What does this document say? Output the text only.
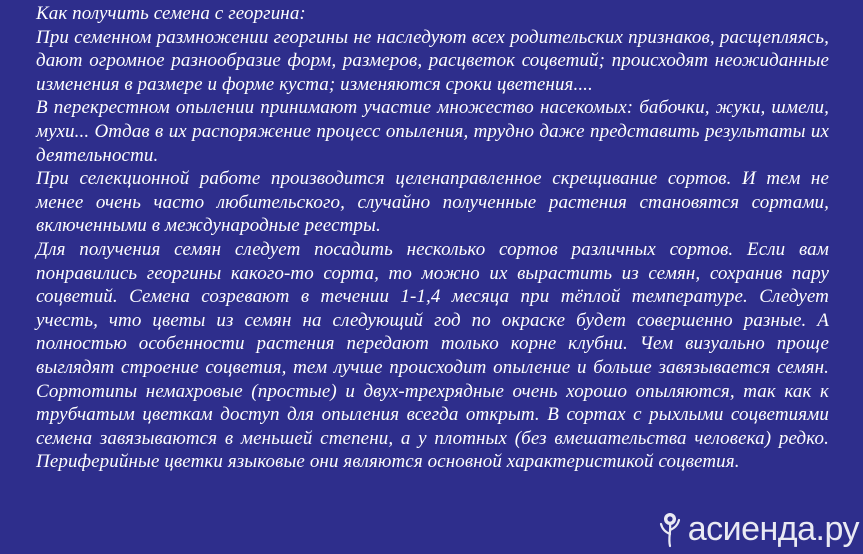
Как получить семена с георгина:

При семенном размножении георгины не наследуют всех родительских признаков, расщепляясь, дают огромное разнообразие форм, размеров, расцветок соцветий; происходят неожиданные изменения в размере и форме куста; изменяются сроки цветения....

В перекрестном опылении принимают участие множество насекомых: бабочки, жуки, шмели, мухи... Отдав в их распоряжение процесс опыления, трудно даже представить результаты их деятельности.

При селекционной работе производится целенаправленное скрещивание сортов. И тем не менее очень часто любительского, случайно полученные растения становятся сортами, включенными в международные реестры.

Для получения семян следует посадить несколько сортов различных сортов. Если вам понравились георгины какого-то сорта, то можно их вырастить из семян, сохранив пару соцветий. Семена созревают в течении 1-1,4 месяца при тёплой температуре. Следует учесть, что цветы из семян на следующий год по окраске будет совершенно разные. А полностью особенности растения передают только корне клубни. Чем визуально проще выглядят строение соцветия, тем лучше происходит опыление и больше завязывается семян. Сортотипы немахровые (простые) и двух-трехрядные очень хорошо опыляются, так как к трубчатым цветкам доступ для опыления всегда открыт. В сортах с рыхлыми соцветиями семена завязываются в меньшей степени, а у плотных (без вмешательства человека) редко. Периферийные цветки языковые они являются основной характеристикой соцветия.

асиенда.ру
